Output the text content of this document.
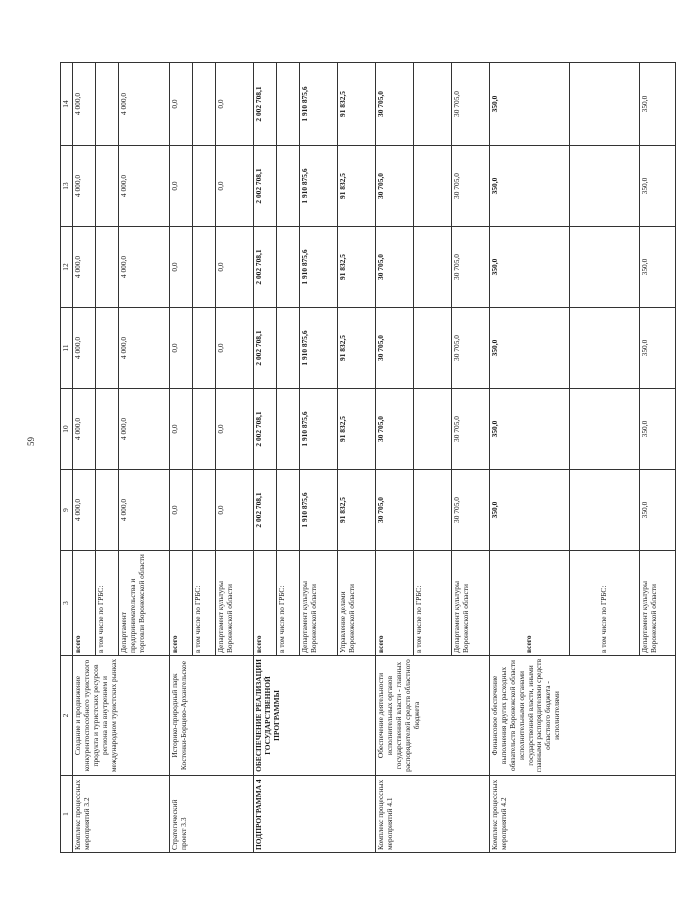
59
1	2	3	9	10	11	12	13	14
Комплекс процессных мероприятий 3.2	Создание и продвижение конкурентоспособного туристского продукта и туристских ресурсов региона на внутреннем и международном туристских рынках	всего	4 000,0	4 000,0	4 000,0	4 000,0	4 000,0	4 000,0
		в том числе по ГРБС:						
		Департамент предпринимательства и торговли Воронежской области	4 000,0	4 000,0	4 000,0	4 000,0	4 000,0	4 000,0
Стратегический проект 3.3	Историко-природный парк Костенки-Борщево-Архангельское	всего	0,0	0,0	0,0	0,0	0,0	0,0
		в том числе по ГРБС:						
		Департамент культуры Воронежской области	0,0	0,0	0,0	0,0	0,0	0,0
ПОДПРОГРАММА 4	ОБЕСПЕЧЕНИЕ РЕАЛИЗАЦИИ ГОСУДАРСТВЕННОЙ ПРОГРАММЫ	всего	2 002 708,1	2 002 708,1	2 002 708,1	2 002 708,1	2 002 708,1	2 002 708,1
		в том числе по ГРБС:						
		Департамент культуры Воронежской области	1 910 875,6	1 910 875,6	1 910 875,6	1 910 875,6	1 910 875,6	1 910 875,6
		Управление делами Воронежской области	91 832,5	91 832,5	91 832,5	91 832,5	91 832,5	91 832,5
Комплекс процессных мероприятий 4.1	Обеспечение деятельности исполнительных органов государственной власти - главных распорядителей средств областного бюджета	всего	30 705,0	30 705,0	30 705,0	30 705,0	30 705,0	30 705,0
		в том числе по ГРБС:						
		Департамент культуры Воронежской области	30 705,0	30 705,0	30 705,0	30 705,0	30 705,0	30 705,0
Комплекс процессных мероприятий 4.2	Финансовое обеспечение выполнения других расходных обязательств Воронежской области исполнительными органами государственной власти, иными главными распорядителями средств областного бюджета - исполнителями	всего	350,0	350,0	350,0	350,0	350,0	350,0
		в том числе по ГРБС:						
		Департамент культуры Воронежской области	350,0	350,0	350,0	350,0	350,0	350,0
